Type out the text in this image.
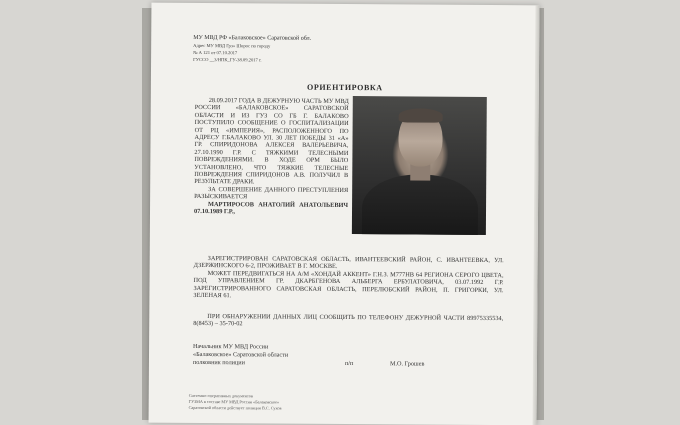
МУ МВД РФ «Балаковское» Саратовской обл.
Адрес МУ МВД Грэ» Шорос по городу
№ А 121 от 07.10.2017
ГУССО __3/НПК_ГУ-38.09.2017 г.
ОРИЕНТИРОВКА

28.09.2017 ГОДА В ДЕЖУРНУЮ ЧАСТЬ МУ МВД РОССИИ «БАЛАКОВСКОЕ» САРАТОВСКОЙ ОБЛАСТИ И ИЗ ГУЗ СО ГБ Г. БАЛАКОВО ПОСТУПИЛО СООБЩЕНИЕ О ГОСПИТАЛИЗАЦИИ ОТ РЦ «ИМПЕРИЯ», РАСПОЛОЖЕННОГО ПО АДРЕСУ Г.БАЛАКОВО УЛ. 30 ЛЕТ ПОБЕДЫ 31 «А» ГР. СПИРИДОНОВА АЛЕКСЕЯ ВАЛЕРЬЕВИЧА, 27.10.1990 Г.Р. С ТЯЖКИМИ ТЕЛЕСНЫМИ ПОВРЕЖДЕНИЯМИ. В ХОДЕ ОРМ БЫЛО УСТАНОВЛЕНО, ЧТО ТЯЖКИЕ ТЕЛЕСНЫЕ ПОВРЕЖДЕНИЯ СПИРИДОНОВ А.В. ПОЛУЧИЛ В РЕЗУЛЬТАТЕ ДРАКИ.

ЗА СОВЕРШЕНИЕ ДАННОГО ПРЕСТУПЛЕНИЯ РАЗЫСКИВАЕТСЯ

МАРТИРОСОВ АНАТОЛИЙ АНАТОЛЬЕВИЧ 07.10.1989 Г.Р.,

ЗАРЕГИСТРИРОВАН САРАТОВСКАЯ ОБЛАСТЬ, ИВАНТЕЕВСКИЙ РАЙОН, С. ИВАНТЕЕВКА, УЛ. ДЗЕРЖИНСКОГО 6-2, ПРОЖИВАЕТ В Г. МОСКВЕ.

МОЖЕТ ПЕРЕДВИГАТЬСЯ НА А/М «ХОНДАЙ АККЕНТ» Г.Н.З. М777НВ 64 РЕГИОНА СЕРОГО ЦВЕТА, ПОД УПРАВЛЕНИЕМ ГР. ДКАРБГЕНОВА АЛЬБЕРГА ЕРБУЛАТОВИЧА, 03.07.1992 Г.Р. ЗАРЕГИСТРИРОВАННОГО САРАТОВСКАЯ ОБЛАСТЬ, ПЕРЕЛЮБСКИЙ РАЙОН, П. ГРИГОРКИ, УЛ. ЗЕЛЕНАЯ 61.

ПРИ ОБНАРУЖЕНИИ ДАННЫХ ЛИЦ СООБЩИТЬ ПО ТЕЛЕФОНУ ДЕЖУРНОЙ ЧАСТИ 89975335534, 8(8453) – 35-70-02

Начальник МУ МВД России
«Балаковское» Саратовской области
полковник полиции	п/п	М.О. Грошев
Системно-оперативных документов
ГУЗМА в составе МУ МВД России «Балаковское»
Саратовской области действует полиции В.С. Сухов
